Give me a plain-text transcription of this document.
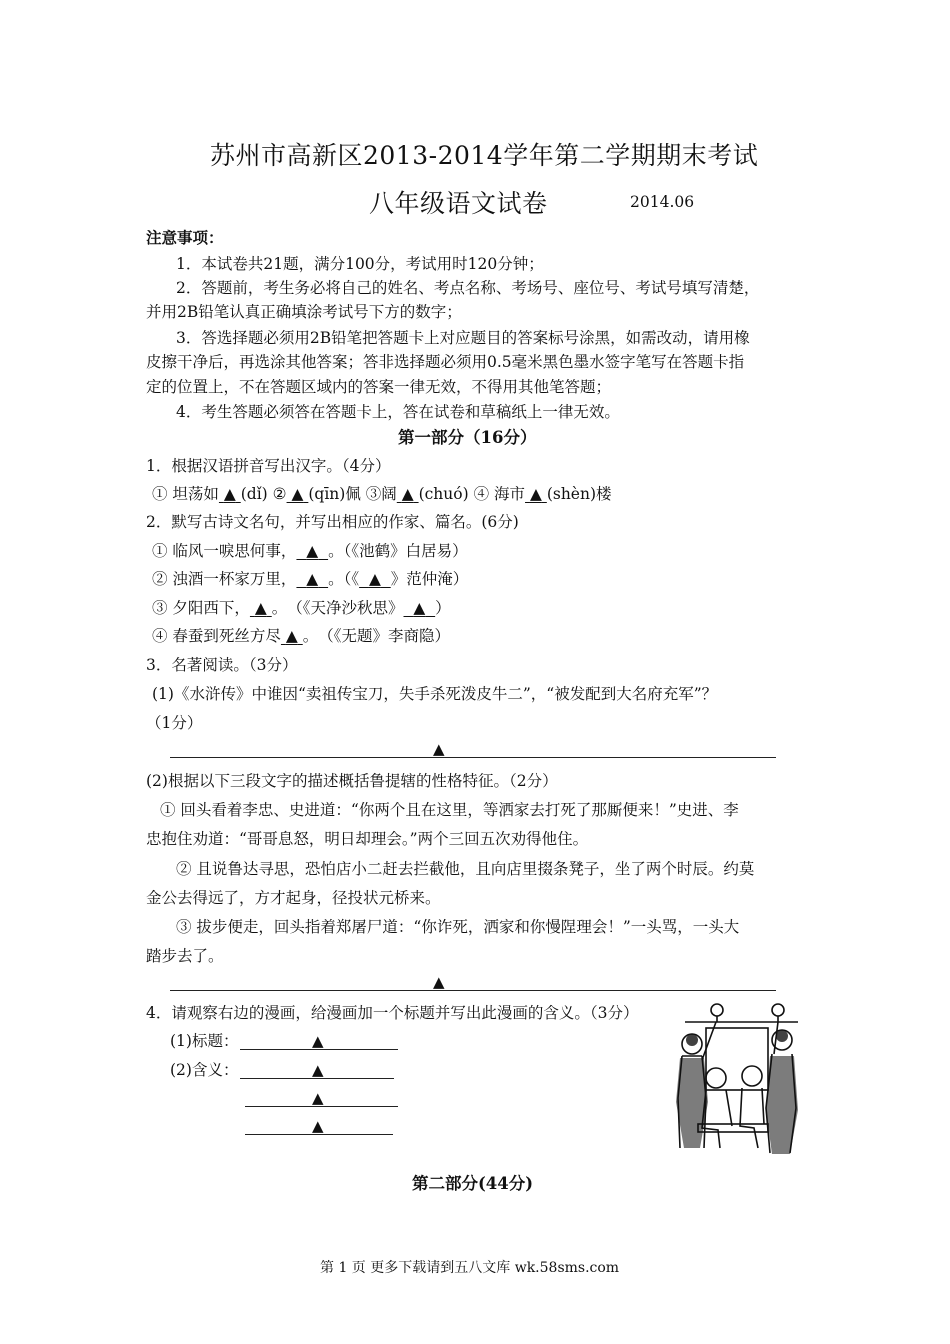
苏州市高新区2013-2014学年第二学期期末考试
八年级语文试卷	2014.06
注意事项：
1．本试卷共21题，满分100分，考试用时120分钟；
2．答题前，考生务必将自己的姓名、考点名称、考场号、座位号、考试号填写清楚，
并用2B铅笔认真正确填涂考试号下方的数字；
3．答选择题必须用2B铅笔把答题卡上对应题目的答案标号涂黑，如需改动，请用橡
皮擦干净后，再选涂其他答案；答非选择题必须用0.5毫米黑色墨水签字笔写在答题卡指
定的位置上，不在答题区域内的答案一律无效，不得用其他笔答题；
4．考生答题必须答在答题卡上，答在试卷和草稿纸上一律无效。
第一部分（16分）
1．根据汉语拼音写出汉字。（4分）
① 坦荡如 ▲ (dǐ) ② ▲ (qīn)佩 ③阔 ▲ (chuó) ④ 海市 ▲ (shèn)楼
2．默写古诗文名句，并写出相应的作家、篇名。(6分)
① 临风一唳思何事， ▲ 。（《池鹤》白居易）
② 浊酒一杯家万里， ▲ 。（《 ▲ 》范仲淹）
③ 夕阳西下， ▲ 。　（《天净沙秋思》 ▲ ）
④ 春蚕到死丝方尽 ▲ 。　（《无题》李商隐）
3．名著阅读。（3分）
(1)《水浒传》中谁因“卖祖传宝刀，失手杀死泼皮牛二”，“被发配到大名府充军”？
（1分）
▲
(2)根据以下三段文字的描述概括鲁提辖的性格特征。（2分）
① 回头看着李忠、史进道：“你两个且在这里，等洒家去打死了那厮便来！”史进、李
忠抱住劝道：“哥哥息怒，明日却理会。”两个三回五次劝得他住。
② 且说鲁达寻思，恐怕店小二赶去拦截他，且向店里掇条凳子，坐了两个时辰。约莫
金公去得远了，方才起身，径投状元桥来。
③ 拔步便走，回头指着郑屠尸道：“你诈死，洒家和你慢陧理会！”一头骂，一头大
踏步去了。
▲
4．请观察右边的漫画，给漫画加一个标题并写出此漫画的含义。（3分）
(1)标题：	▲
(2)含义：	▲
▲
▲
第二部分(44分)
第 1 页 更多下载请到五八文库 wk.58sms.com
